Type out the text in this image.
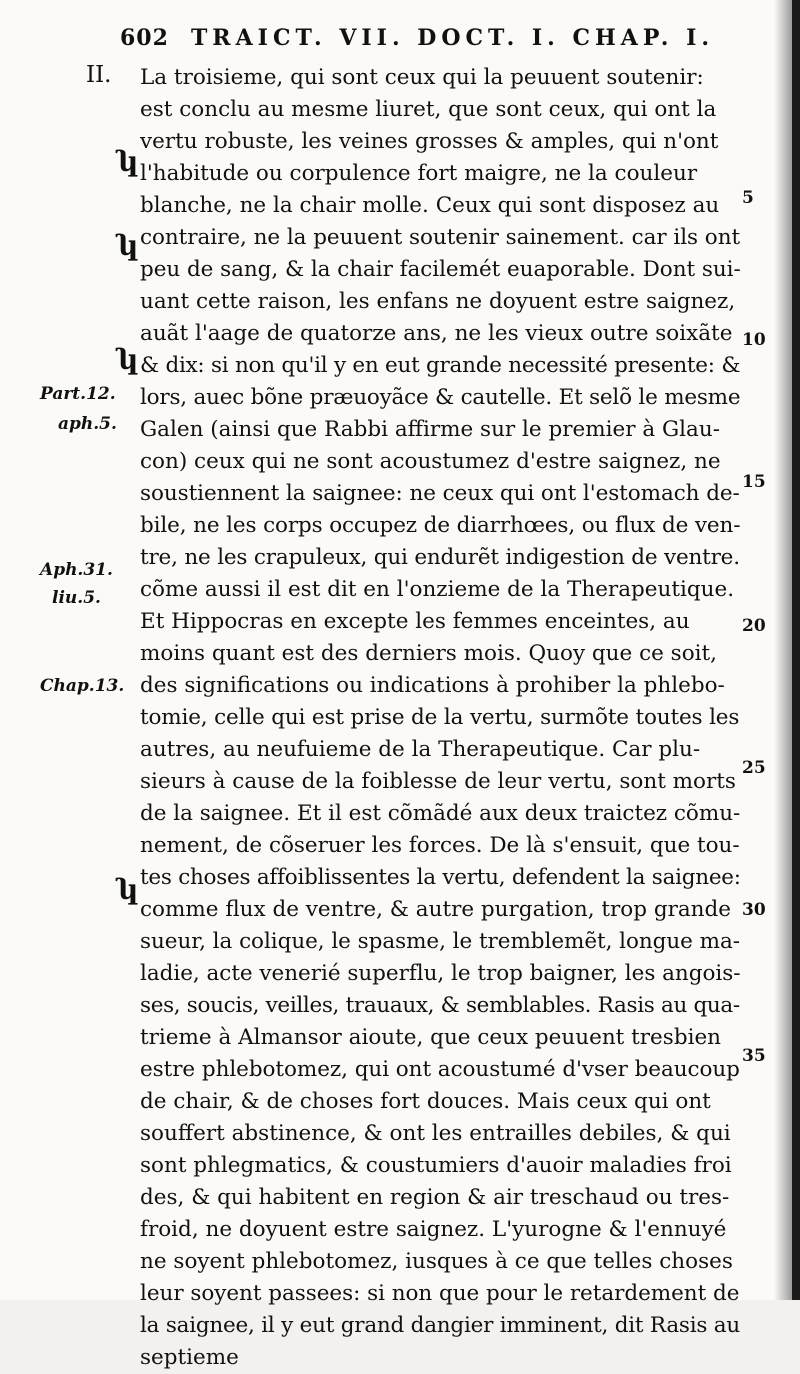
602 TRAICT. VII. DOCT. I. CHAP. I.
II. La troisieme, qui sont ceux qui la peuuent soutenir:
est conclu au mesme liuret, que sont ceux, qui ont la
vertu robuste, les veines grosses & amples, qui n'ont
l'habitude ou corpulence fort maigre, ne la couleur
blanche, ne la chair molle. Ceux qui sont disposez au
contraire, ne la peuuent soutenir sainement. car ils ont
peu de sang, & la chair facilemét euaporable. Dont sui-
uant cette raison, les enfans ne doyuent estre saignez,
auãt l'aage de quatorze ans, ne les vieux outre soixãte
& dix: si non qu'il y en eut grande necessité presente: &
lors, auec bõne præuoyãce & cautelle. Et selõ le mesme
Galen (ainsi que Rabbi affirme sur le premier à Glau-
con) ceux qui ne sont acoustumez d'estre saignez, ne
soustiennent la saignee: ne ceux qui ont l'estomach de-
bile, ne les corps occupez de diarrhœes, ou flux de ven-
tre, ne les crapuleux, qui endurẽt indigestion de ventre.
cõme aussi il est dit en l'onzieme de la Therapeutique.
Et Hippocras en excepte les femmes enceintes, au
moins quant est des derniers mois. Quoy que ce soit,
des significations ou indications à prohiber la phlebo-
tomie, celle qui est prise de la vertu, surmõte toutes les
autres, au neufuieme de la Therapeutique. Car plu-
sieurs à cause de la foiblesse de leur vertu, sont morts
de la saignee. Et il est cõmãdé aux deux traictez cõmu-
nement, de cõseruer les forces. De là s'ensuit, que tou-
tes choses affoiblissentes la vertu, defendent la saignee:
comme flux de ventre, & autre purgation, trop grande
sueur, la colique, le spasme, le tremblemẽt, longue ma-
ladie, acte venerié superflu, le trop baigner, les angois-
ses, soucis, veilles, trauaux, & semblables. Rasis au qua-
trieme à Almansor aioute, que ceux peuuent tresbien
estre phlebotomez, qui ont acoustumé d'vser beaucoup
de chair, & de choses fort douces. Mais ceux qui ont
souffert abstinence, & ont les entrailles debiles, & qui
sont phlegmatics, & coustumiers d'auoir maladies froi
des, & qui habitent en region & air treschaud ou tres-
froid, ne doyuent estre saignez. L'yurogne & l'ennuyé
ne soyent phlebotomez, iusques à ce que telles choses
leur soyent passees: si non que pour le retardement de
la saignee, il y eut grand dangier imminent, dit Rasis au
septieme
Part.12.
aph.5.
Aph.31.
liu.5.
Chap.13.
ʮ
ʮ
ʮ
ʮ
5
10
15
20
25
30
35
